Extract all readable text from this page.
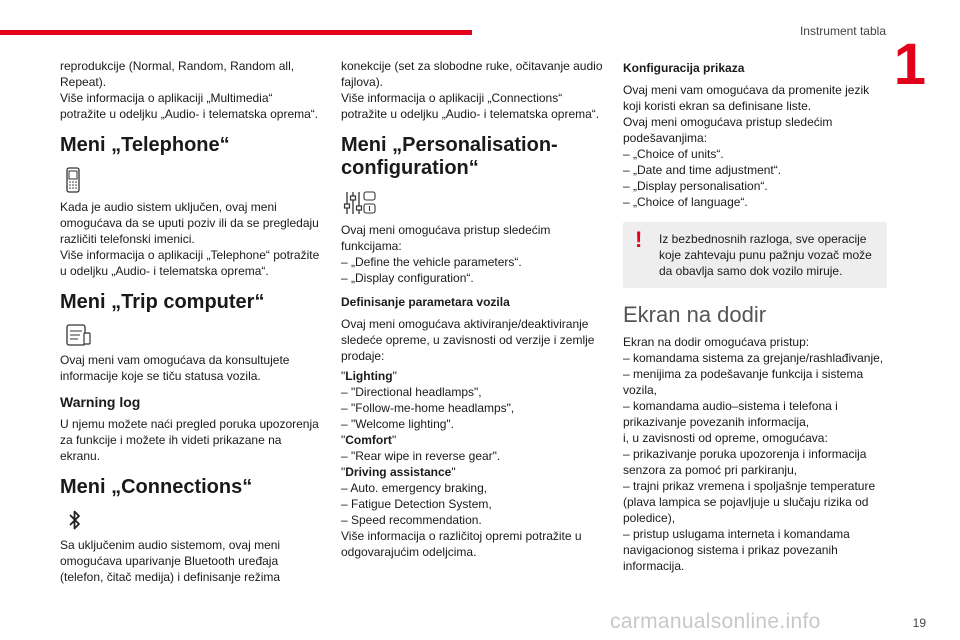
Instrument tabla
1

reprodukcije (Normal, Random, Random all, Repeat).
Više informacija o aplikaciji „Multimedia“ potražite u odeljku „Audio- i telematska oprema“.

Meni „Telephone“

Kada je audio sistem uključen, ovaj meni omogućava da se uputi poziv ili da se pregledaju različiti telefonski imenici.
Više informacija o aplikaciji „Telephone“ potražite u odeljku „Audio- i telematska oprema“.

Meni „Trip computer“

Ovaj meni vam omogućava da konsultujete informacije koje se tiču statusa vozila.

Warning log

U njemu možete naći pregled poruka upozorenja za funkcije i možete ih videti prikazane na ekranu.

Meni „Connections“

Sa uključenim audio sistemom, ovaj meni omogućava uparivanje Bluetooth uređaja (telefon, čitač medija) i definisanje režima

konekcije (set za slobodne ruke, očitavanje audio fajlova).
Više informacija o aplikaciji „Connections“ potražite u odeljku „Audio- i telematska oprema“.

Meni „Personalisation-configuration“

Ovaj meni omogućava pristup sledećim funkcijama:
– „Define the vehicle parameters“.
– „Display configuration“.

Definisanje parametara vozila

Ovaj meni omogućava aktiviranje/deaktiviranje sledeće opreme, u zavisnosti od verzije i zemlje prodaje:

"Lighting"

– "Directional headlamps",
– "Follow-me-home headlamps",
– "Welcome lighting".

"Comfort"

– "Rear wipe in reverse gear".

"Driving assistance"

– Auto. emergency braking,
– Fatigue Detection System,
– Speed recommendation.
Više informacija o različitoj opremi potražite u odgovarajućim odeljcima.

Konfiguracija prikaza

Ovaj meni vam omogućava da promenite jezik koji koristi ekran sa definisane liste.
Ovaj meni omogućava pristup sledećim podešavanjima:
– „Choice of units“.
– „Date and time adjustment“.
– „Display personalisation“.
– „Choice of language“.

! Iz bezbednosnih razloga, sve operacije koje zahtevaju punu pažnju vozač može da obavlja samo dok vozilo miruje.

Ekran na dodir

Ekran na dodir omogućava pristup:
– komandama sistema za grejanje/rashlađivanje,
– menijima za podešavanje funkcija i sistema vozila,
– komandama audio–sistema i telefona i prikazivanje povezanih informacija,
i, u zavisnosti od opreme, omogućava:
– prikazivanje poruka upozorenja i informacija senzora za pomoć pri parkiranju,
– trajni prikaz vremena i spoljašnje temperature (plava lampica se pojavljuje u slučaju rizika od poledice),
– pristup uslugama interneta i komandama navigacionog sistema i prikaz povezanih informacija.

carmanualsonline.info	19
